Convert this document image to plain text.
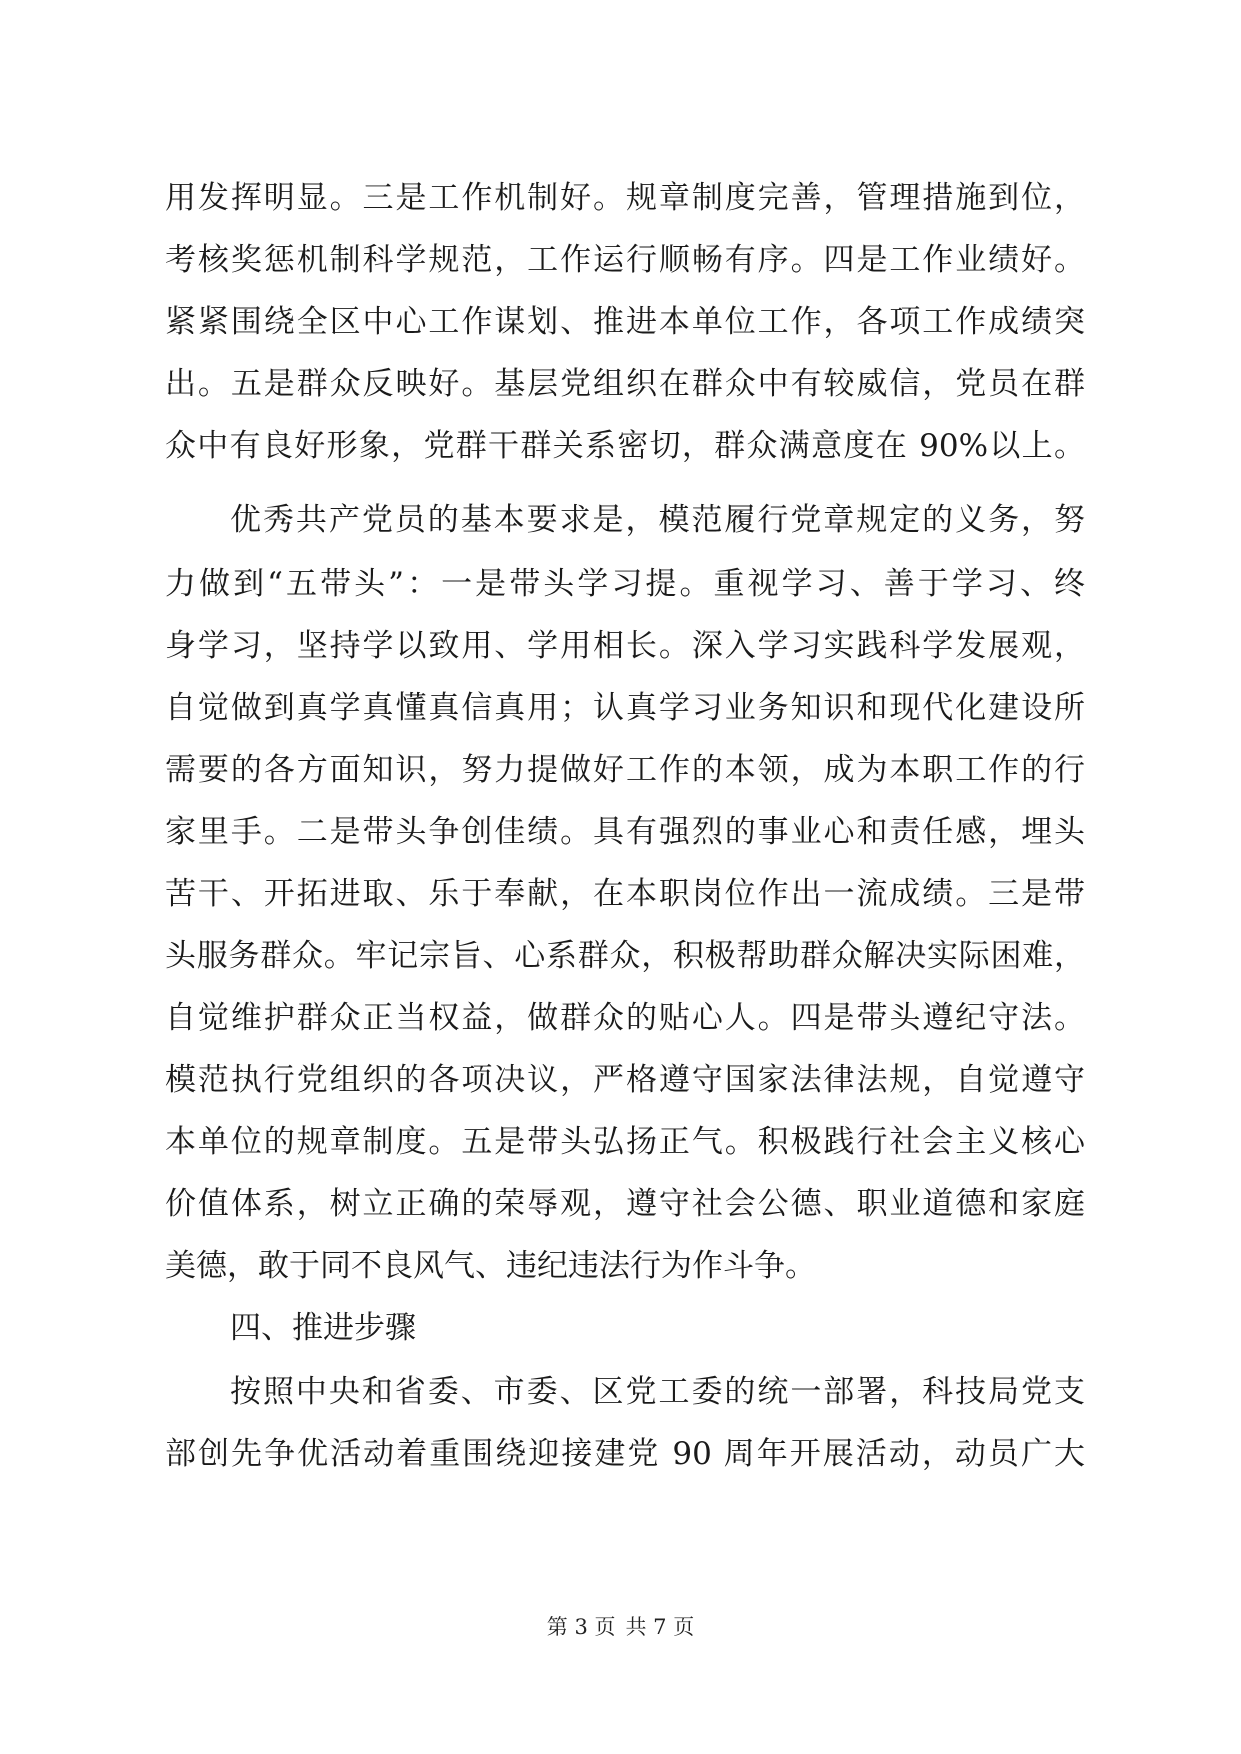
用发挥明显。三是工作机制好。规章制度完善，管理措施到位，
考核奖惩机制科学规范，工作运行顺畅有序。四是工作业绩好。
紧紧围绕全区中心工作谋划、推进本单位工作，各项工作成绩突
出。五是群众反映好。基层党组织在群众中有较威信，党员在群
众中有良好形象，党群干群关系密切，群众满意度在 90%以上。
优秀共产党员的基本要求是，模范履行党章规定的义务，努
力做到“五带头”：一是带头学习提。重视学习、善于学习、终
身学习，坚持学以致用、学用相长。深入学习实践科学发展观，
自觉做到真学真懂真信真用；认真学习业务知识和现代化建设所
需要的各方面知识，努力提做好工作的本领，成为本职工作的行
家里手。二是带头争创佳绩。具有强烈的事业心和责任感，埋头
苦干、开拓进取、乐于奉献，在本职岗位作出一流成绩。三是带
头服务群众。牢记宗旨、心系群众，积极帮助群众解决实际困难，
自觉维护群众正当权益，做群众的贴心人。四是带头遵纪守法。
模范执行党组织的各项决议，严格遵守国家法律法规，自觉遵守
本单位的规章制度。五是带头弘扬正气。积极践行社会主义核心
价值体系，树立正确的荣辱观，遵守社会公德、职业道德和家庭
美德，敢于同不良风气、违纪违法行为作斗争。
四、推进步骤
按照中央和省委、市委、区党工委的统一部署，科技局党支
部创先争优活动着重围绕迎接建党 90 周年开展活动，动员广大
第 3 页 共 7 页
